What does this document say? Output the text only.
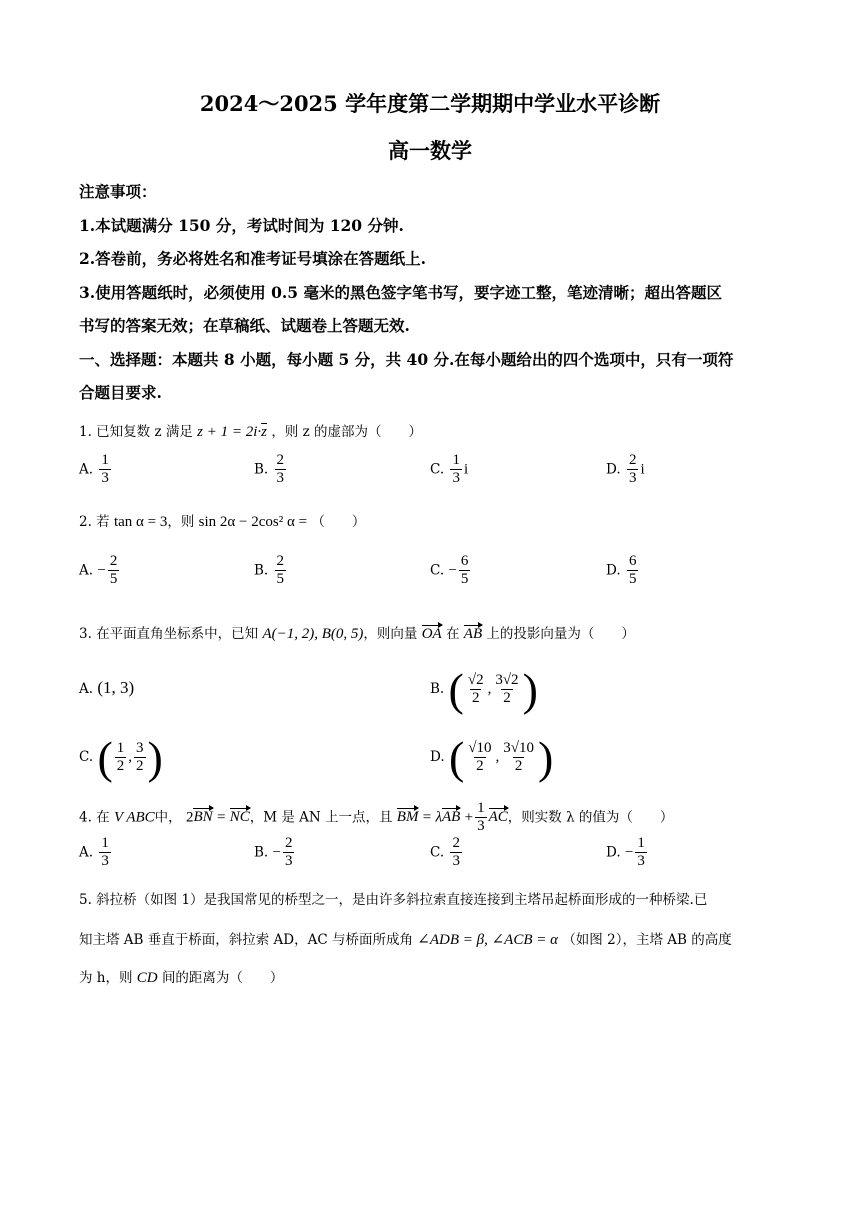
2024～2025 学年度第二学期期中学业水平诊断
高一数学
注意事项：
1.本试题满分 150 分，考试时间为 120 分钟.
2.答卷前，务必将姓名和准考证号填涂在答题纸上.
3.使用答题纸时，必须使用 0.5 毫米的黑色签字笔书写，要字迹工整，笔迹清晰；超出答题区
书写的答案无效；在草稿纸、试题卷上答题无效.
一、选择题：本题共 8 小题，每小题 5 分，共 40 分.在每小题给出的四个选项中，只有一项符
合题目要求.
1. 已知复数 z 满足 $z + 1 = 2i\cdot\overline{z}$ ，则 z 的虚部为（　　）
A. $\frac{1}{3}$	B. $\frac{2}{3}$	C. $\frac{1}{3}$ i	D. $\frac{2}{3}$ i
2. 若 tan α = 3，则 sin 2α − 2cos² α = （　　）
A. − $\frac{2}{5}$	B. $\frac{2}{5}$	C. − $\frac{6}{5}$	D. $\frac{6}{5}$
3. 在平面直角坐标系中，已知 A(−1, 2), B(0, 5)，则向量 OA 在 AB 上的投影向量为（　　）
A. (1, 3)	B. ( $\frac{√2}{2}$ , $\frac{3√2}{2}$ )
C. ( $\frac{1}{2}$ , $\frac{3}{2}$ )	D. ( $\frac{√10}{2}$ , $\frac{3√10}{2}$ )
4. 在 V ABC中， 2BN = NC，M 是 AN 上一点，且 BM = $\lambda AB + \frac{1}{3}$ AC，则实数 λ 的值为（　　）
A. $\frac{1}{3}$	B. − $\frac{2}{3}$	C. $\frac{2}{3}$	D. − $\frac{1}{3}$
5. 斜拉桥（如图 1）是我国常见的桥型之一，是由许多斜拉索直接连接到主塔吊起桥面形成的一种桥梁.已
知主塔 AB 垂直于桥面，斜拉索 AD，AC 与桥面所成角 ∠ADB = β, ∠ACB = α （如图 2），主塔 AB 的高度
为 h，则 CD 间的距离为（　　）
